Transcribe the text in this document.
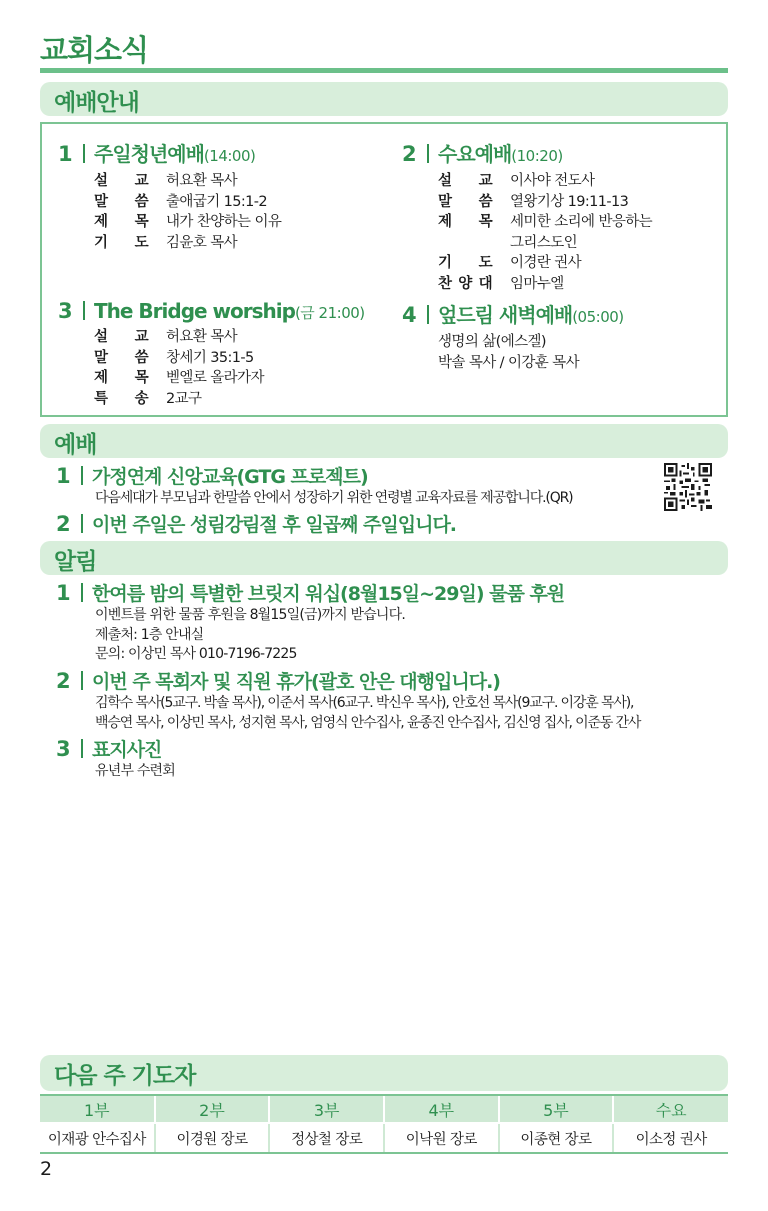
교회소식
예배안내
1 주일청년예배 (14:00)
설 교 허요환 목사
말 씀 출애굽기 15:1-2
제 목 내가 찬양하는 이유
기 도 김윤호 목사
2 수요예배 (10:20)
설 교 이사야 전도사
말 씀 열왕기상 19:11-13
제 목 세미한 소리에 반응하는
그리스도인
기 도 이경란 권사
찬 양 대 임마누엘
3 The Bridge worship (금 21:00)
설 교 허요환 목사
말 씀 창세기 35:1-5
제 목 벧엘로 올라가자
특 송 2교구
4 엎드림 새벽예배 (05:00)
생명의 삶(에스겔)
박솔 목사 / 이강훈 목사
예배
1 가정연계 신앙교육(GTG 프로젝트)
다음세대가 부모님과 한말씀 안에서 성장하기 위한 연령별 교육자료를 제공합니다.(QR)
2 이번 주일은 성림강림절 후 일곱째 주일입니다.
알림
1 한여름 밤의 특별한 브릿지 워십(8월15일~29일) 물품 후원
이벤트를 위한 물품 후원을 8월15일(금)까지 받습니다.
제출처: 1층 안내실
문의: 이상민 목사 010-7196-7225
2 이번 주 목회자 및 직원 휴가(괄호 안은 대행입니다.)
김학수 목사(5교구. 박솔 목사), 이준서 목사(6교구. 박신우 목사), 안호선 목사(9교구. 이강훈 목사),
백승연 목사, 이상민 목사, 성지현 목사, 엄영식 안수집사, 윤종진 안수집사, 김신영 집사, 이준동 간사
3 표지사진
유년부 수련회
다음 주 기도자
1부	2부	3부	4부	5부	수요
이재광 안수집사	이경원 장로	정상철 장로	이낙원 장로	이종현 장로	이소정 권사
2
